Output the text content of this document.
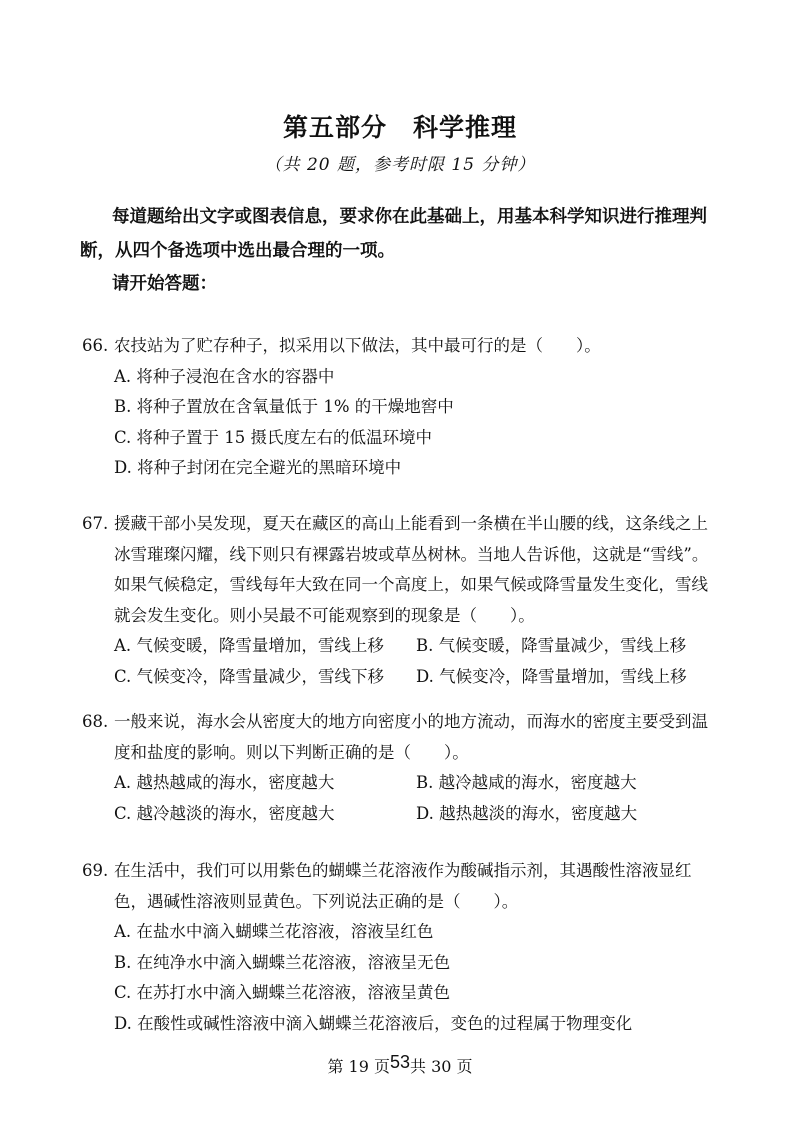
第五部分 科学推理
（共 20 题，参考时限 15 分钟）
每道题给出文字或图表信息，要求你在此基础上，用基本科学知识进行推理判断，从四个备选项中选出最合理的一项。
请开始答题：
66. 农技站为了贮存种子，拟采用以下做法，其中最可行的是（　　）。
A. 将种子浸泡在含水的容器中
B. 将种子置放在含氧量低于 1% 的干燥地窖中
C. 将种子置于 15 摄氏度左右的低温环境中
D. 将种子封闭在完全避光的黑暗环境中
67. 援藏干部小吴发现，夏天在藏区的高山上能看到一条横在半山腰的线，这条线之上冰雪璀璨闪耀，线下则只有裸露岩坡或草丛树林。当地人告诉他，这就是“雪线”。如果气候稳定，雪线每年大致在同一个高度上，如果气候或降雪量发生变化，雪线就会发生变化。则小吴最不可能观察到的现象是（　　）。
A. 气候变暖，降雪量增加，雪线上移	B. 气候变暖，降雪量减少，雪线上移
C. 气候变冷，降雪量减少，雪线下移	D. 气候变冷，降雪量增加，雪线上移
68. 一般来说，海水会从密度大的地方向密度小的地方流动，而海水的密度主要受到温度和盐度的影响。则以下判断正确的是（　　）。
A. 越热越咸的海水，密度越大	B. 越冷越咸的海水，密度越大
C. 越冷越淡的海水，密度越大	D. 越热越淡的海水，密度越大
69. 在生活中，我们可以用紫色的蝴蝶兰花溶液作为酸碱指示剂，其遇酸性溶液显红色，遇碱性溶液则显黄色。下列说法正确的是（　　）。
A. 在盐水中滴入蝴蝶兰花溶液，溶液呈红色
B. 在纯净水中滴入蝴蝶兰花溶液，溶液呈无色
C. 在苏打水中滴入蝴蝶兰花溶液，溶液呈黄色
D. 在酸性或碱性溶液中滴入蝴蝶兰花溶液后，变色的过程属于物理变化
第 19 页53共 30 页
